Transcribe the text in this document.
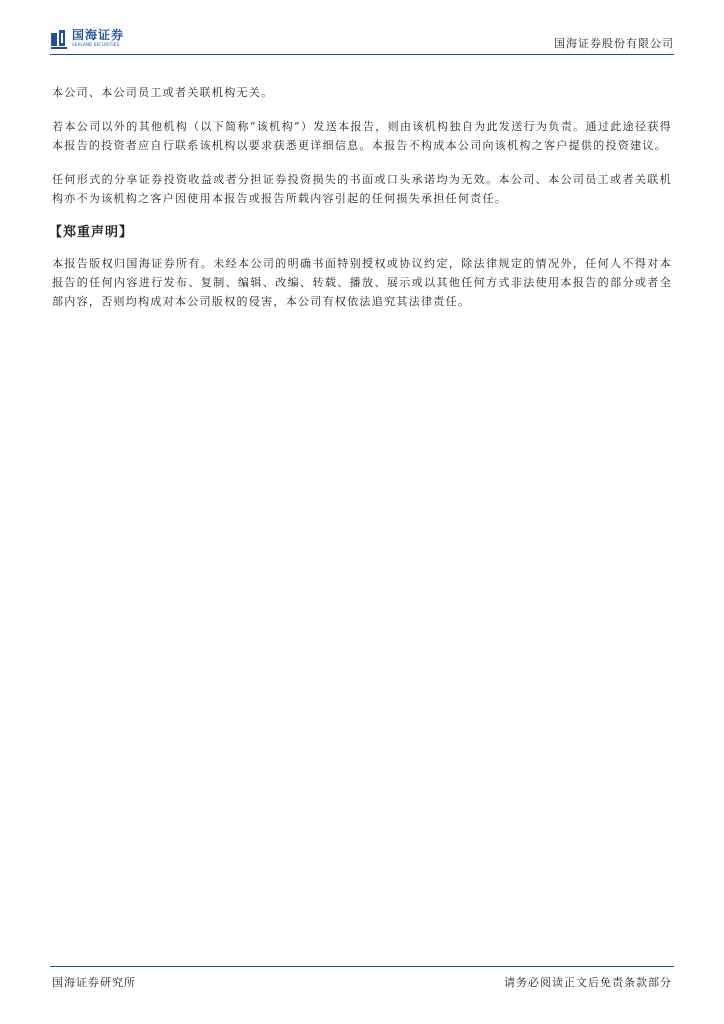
国海证券
SEALAND SECURITIES	国海证券股份有限公司

本公司、本公司员工或者关联机构无关。

若本公司以外的其他机构（以下简称“该机构”）发送本报告，则由该机构独自为此发送行为负责。通过此途径获得本报告的投资者应自行联系该机构以要求获悉更详细信息。本报告不构成本公司向该机构之客户提供的投资建议。

任何形式的分享证券投资收益或者分担证券投资损失的书面或口头承诺均为无效。本公司、本公司员工或者关联机构亦不为该机构之客户因使用本报告或报告所载内容引起的任何损失承担任何责任。

【郑重声明】

本报告版权归国海证券所有。未经本公司的明确书面特别授权或协议约定，除法律规定的情况外，任何人不得对本报告的任何内容进行发布、复制、编辑、改编、转载、播放、展示或以其他任何方式非法使用本报告的部分或者全部内容，否则均构成对本公司版权的侵害，本公司有权依法追究其法律责任。

国海证券研究所	请务必阅读正文后免责条款部分
